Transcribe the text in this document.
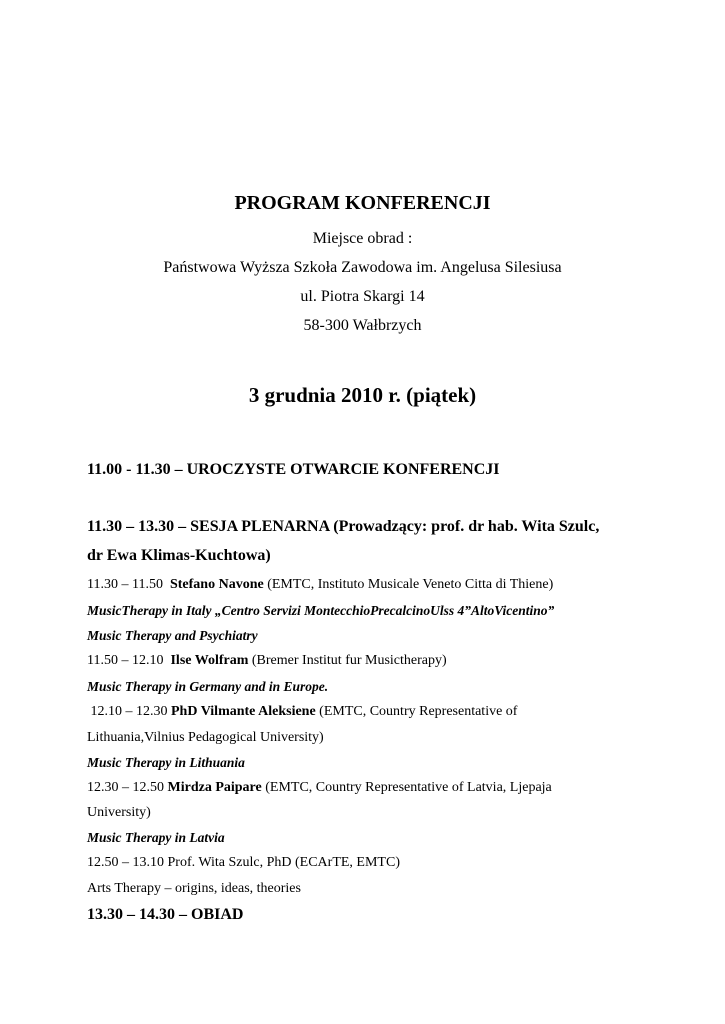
PROGRAM KONFERENCJI
Miejsce obrad :
Państwowa Wyższa Szkoła Zawodowa im. Angelusa Silesiusa
ul. Piotra Skargi 14
58-300 Wałbrzych
3 grudnia 2010 r. (piątek)
11.00 - 11.30 – UROCZYSTE OTWARCIE KONFERENCJI
11.30 – 13.30 – SESJA PLENARNA (Prowadzący: prof. dr hab. Wita Szulc,
dr Ewa Klimas-Kuchtowa)
11.30 – 11.50 Stefano Navone (EMTC, Instituto Musicale Veneto Citta di Thiene)
MusicTherapy in Italy „Centro Servizi MontecchioPrecalcinoUlss 4”AltoVicentino”
Music Therapy and Psychiatry
11.50 – 12.10 Ilse Wolfram (Bremer Institut fur Musictherapy)
Music Therapy in Germany and in Europe.
12.10 – 12.30 PhD Vilmante Aleksiene (EMTC, Country Representative of
Lithuania,Vilnius Pedagogical University)
Music Therapy in Lithuania
12.30 – 12.50 Mirdza Paipare (EMTC, Country Representative of Latvia, Ljepaja
University)
Music Therapy in Latvia
12.50 – 13.10 Prof. Wita Szulc, PhD (ECArTE, EMTC)
Arts Therapy – origins, ideas, theories
13.30 – 14.30 – OBIAD
